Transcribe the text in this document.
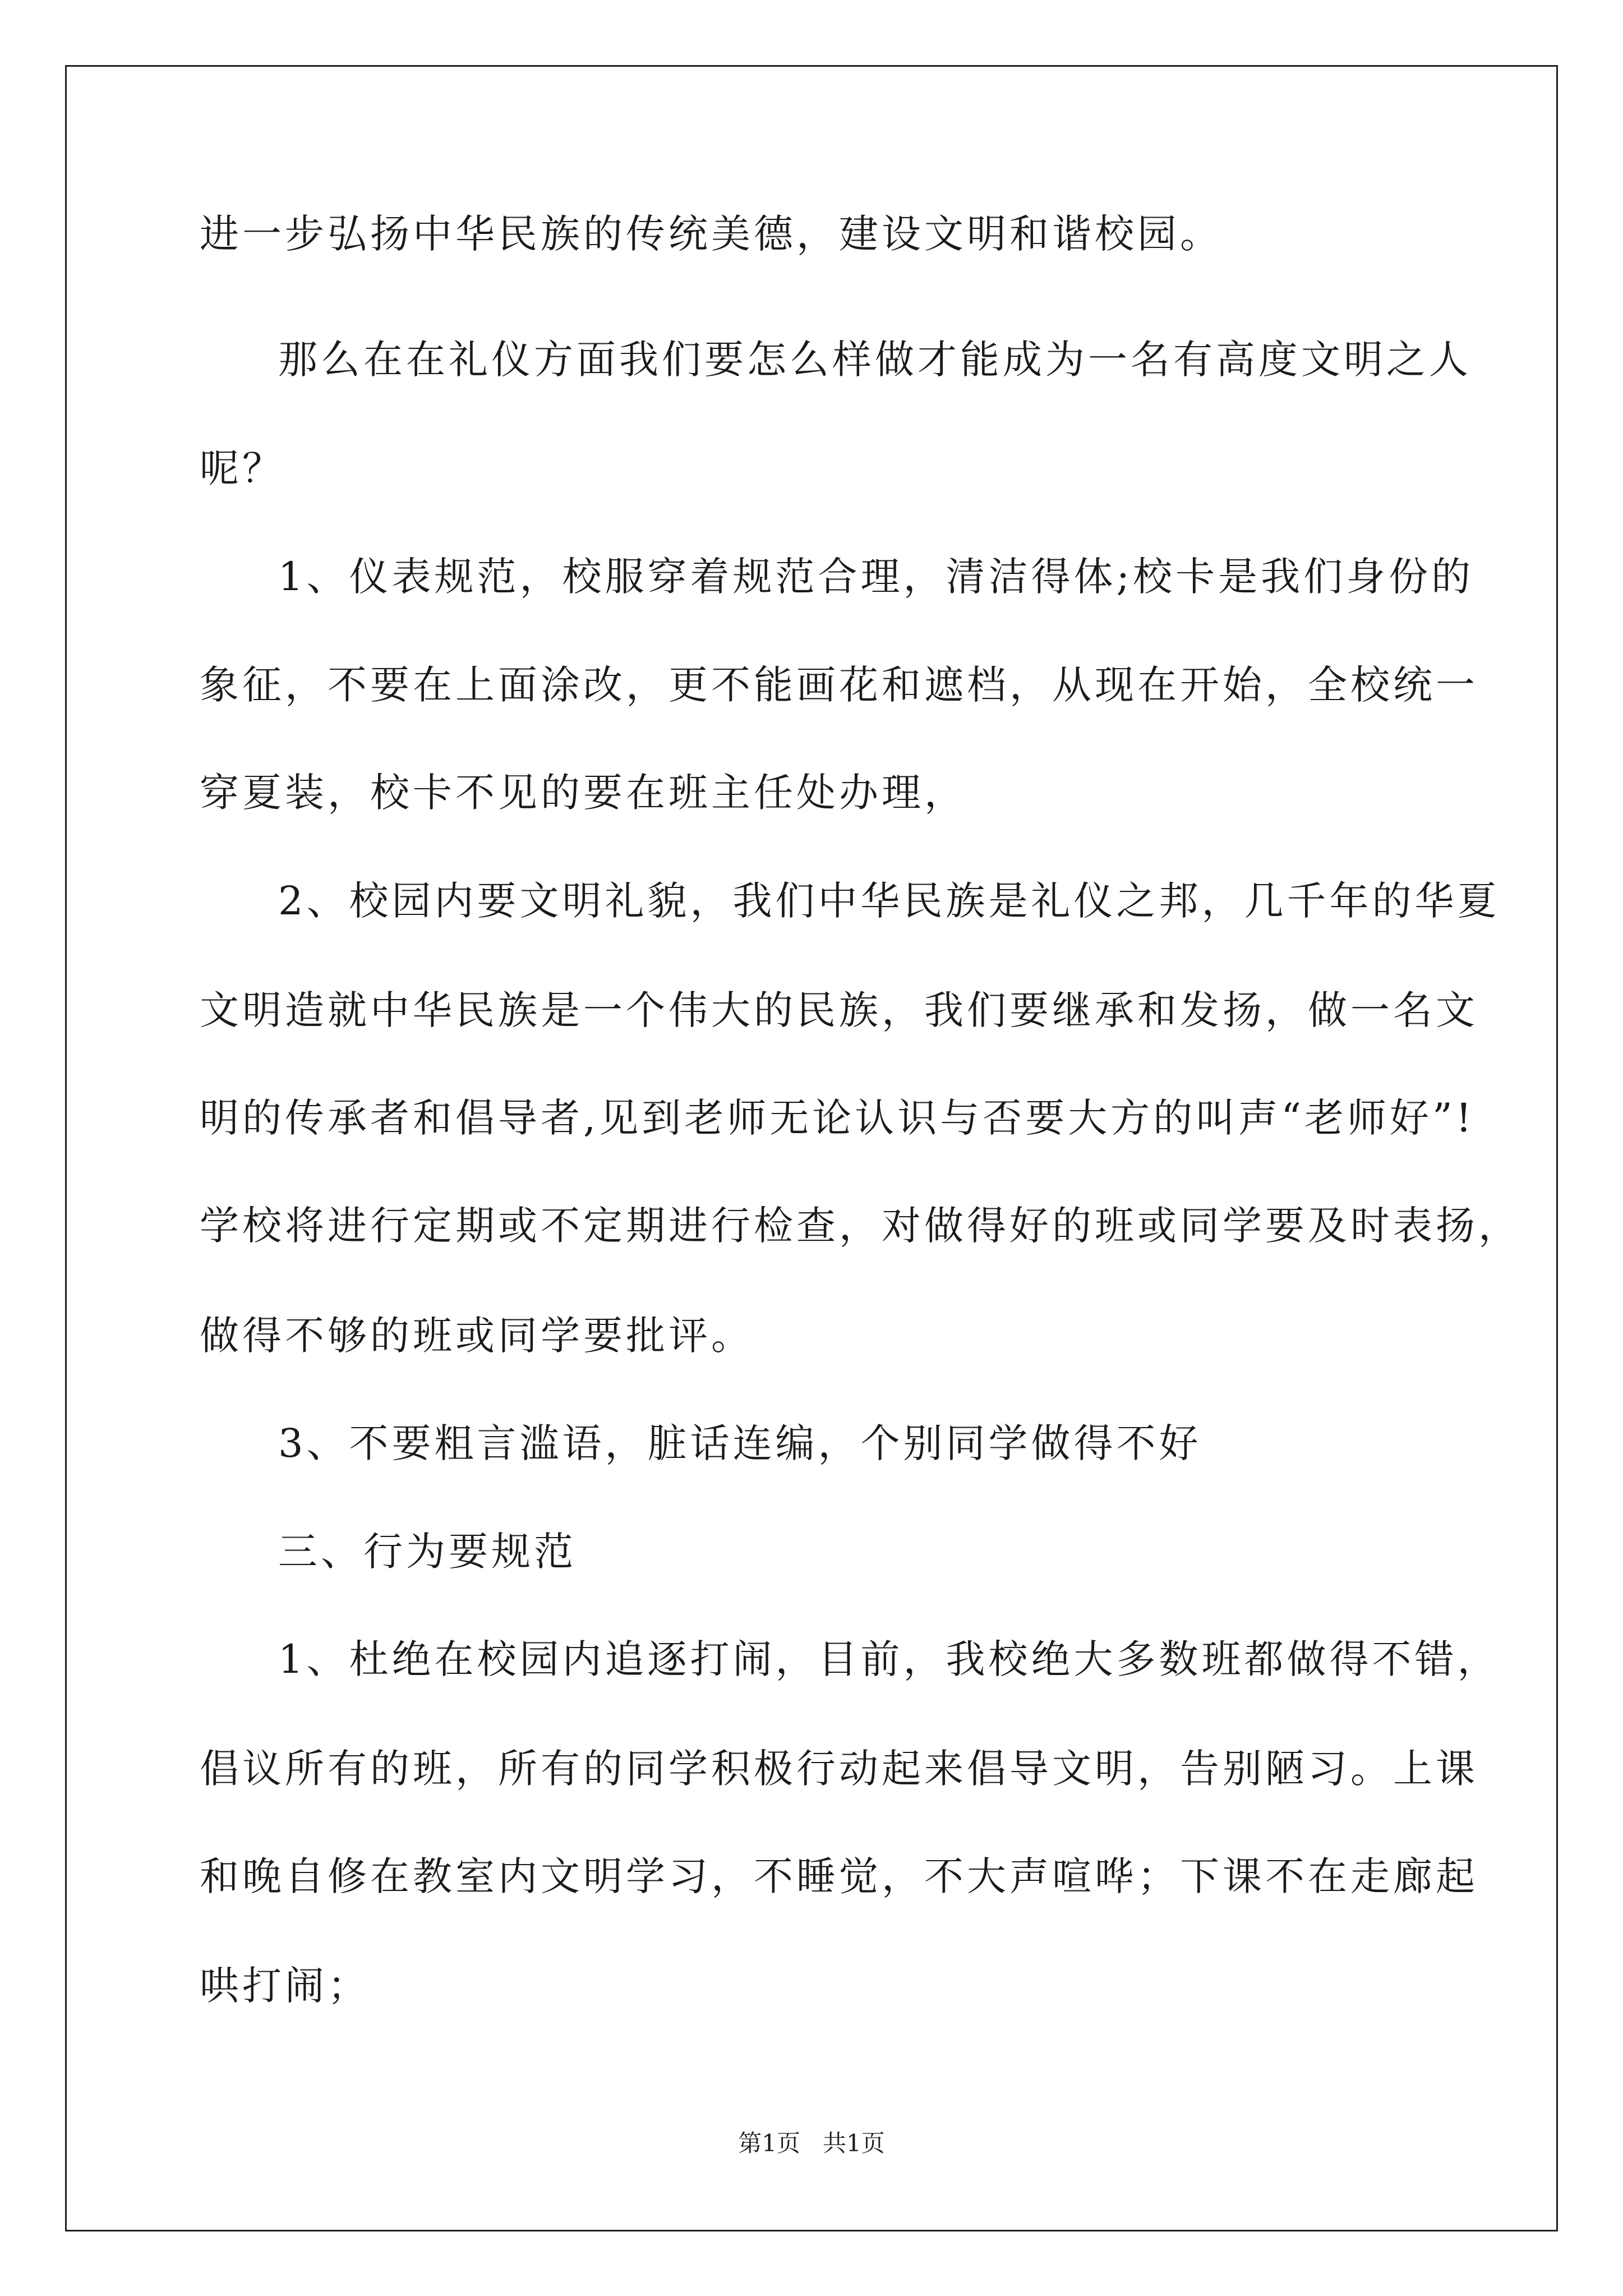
进一步弘扬中华民族的传统美德，建设文明和谐校园。
那么在在礼仪方面我们要怎么样做才能成为一名有高度文明之人
呢？
1、仪表规范，校服穿着规范合理，清洁得体;校卡是我们身份的
象征，不要在上面涂改，更不能画花和遮档，从现在开始，全校统一
穿夏装，校卡不见的要在班主任处办理，
2、校园内要文明礼貌，我们中华民族是礼仪之邦，几千年的华夏
文明造就中华民族是一个伟大的民族，我们要继承和发扬，做一名文
明的传承者和倡导者,见到老师无论认识与否要大方的叫声“老师好”!
学校将进行定期或不定期进行检查，对做得好的班或同学要及时表扬，
做得不够的班或同学要批评。
3、不要粗言滥语，脏话连编，个别同学做得不好
三、行为要规范
1、杜绝在校园内追逐打闹，目前，我校绝大多数班都做得不错，
倡议所有的班，所有的同学积极行动起来倡导文明，告别陋习。上课
和晚自修在教室内文明学习，不睡觉，不大声喧哗；下课不在走廊起
哄打闹；
第1页   共1页
